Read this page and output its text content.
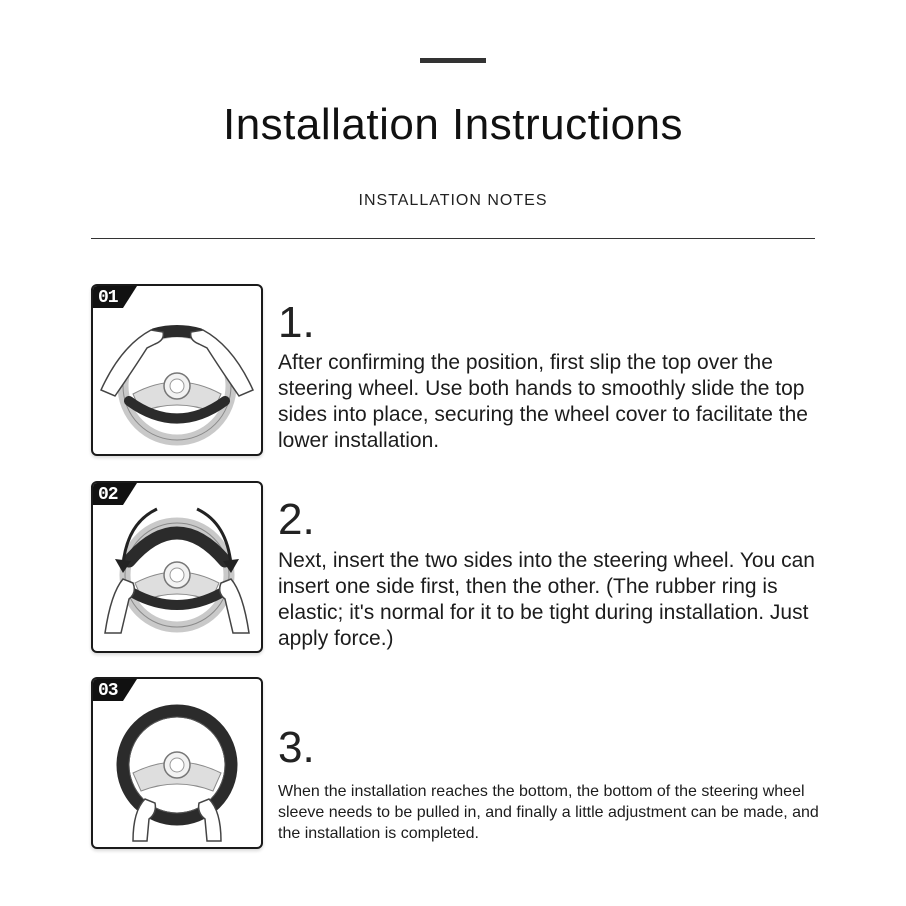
Installation Instructions
INSTALLATION NOTES
01	1.
After confirming the position, first slip the top over the steering wheel. Use both hands to smoothly slide the top sides into place, securing the wheel cover to facilitate the lower installation.
02	2.
Next, insert the two sides into the steering wheel. You can insert one side first, then the other. (The rubber ring is elastic; it's normal for it to be tight during installation. Just apply force.)
03
3.
When the installation reaches the bottom, the bottom of the steering wheel sleeve needs to be pulled in, and finally a little adjustment can be made, and the installation is completed.
